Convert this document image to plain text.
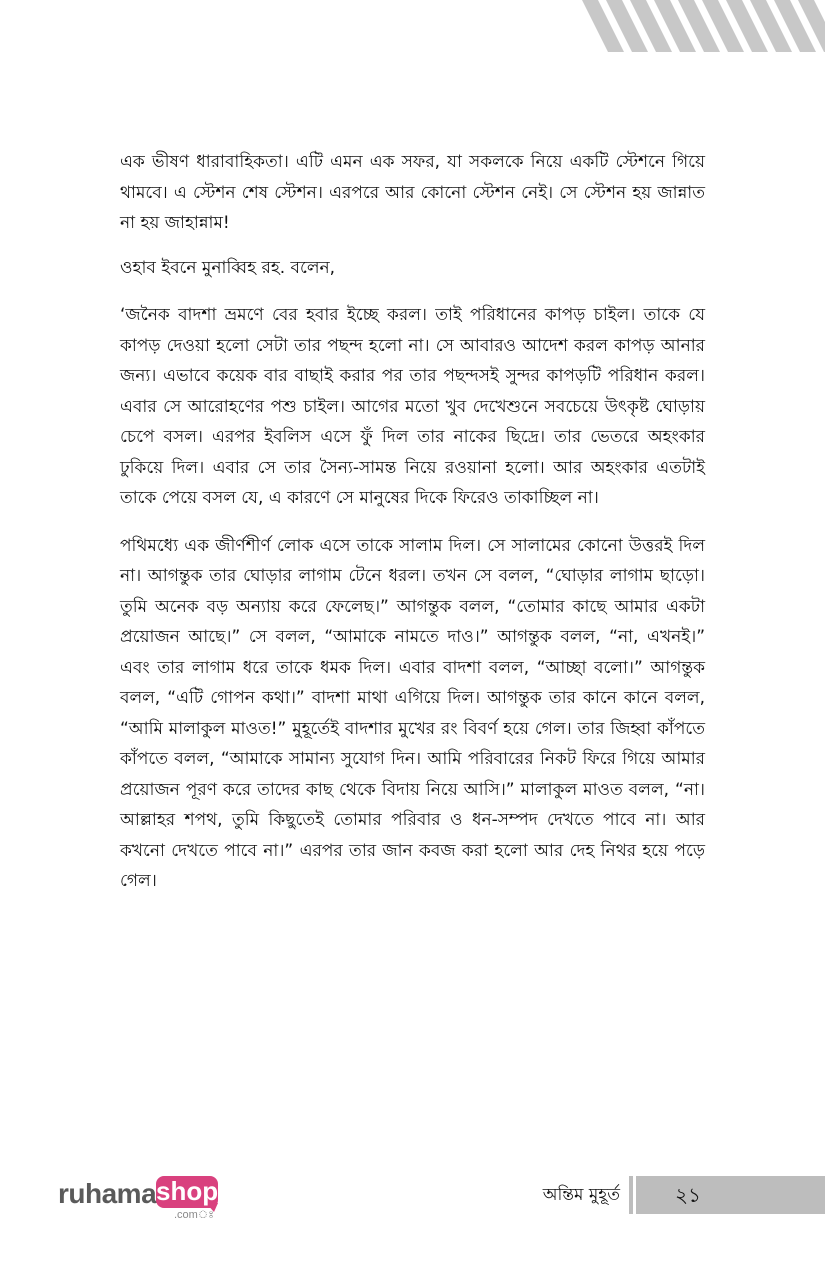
এক ভীষণ ধারাবাহিকতা। এটি এমন এক সফর, যা সকলকে নিয়ে একটি স্টেশনে গিয়ে থামবে। এ স্টেশন শেষ স্টেশন। এরপরে আর কোনো স্টেশন নেই। সে স্টেশন হয় জান্নাত না হয় জাহান্নাম!

ওহাব ইবনে মুনাব্বিহ রহ. বলেন,

‘জনৈক বাদশা ভ্রমণে বের হবার ইচ্ছে করল। তাই পরিধানের কাপড় চাইল। তাকে যে কাপড় দেওয়া হলো সেটা তার পছন্দ হলো না। সে আবারও আদেশ করল কাপড় আনার জন্য। এভাবে কয়েক বার বাছাই করার পর তার পছন্দসই সুন্দর কাপড়টি পরিধান করল। এবার সে আরোহণের পশু চাইল। আগের মতো খুব দেখেশুনে সবচেয়ে উৎকৃষ্ট ঘোড়ায় চেপে বসল। এরপর ইবলিস এসে ফুঁ দিল তার নাকের ছিদ্রে। তার ভেতরে অহংকার ঢুকিয়ে দিল। এবার সে তার সৈন্য-সামন্ত নিয়ে রওয়ানা হলো। আর অহংকার এতটাই তাকে পেয়ে বসল যে, এ কারণে সে মানুষের দিকে ফিরেও তাকাচ্ছিল না।

পথিমধ্যে এক জীর্ণশীর্ণ লোক এসে তাকে সালাম দিল। সে সালামের কোনো উত্তরই দিল না। আগন্তুক তার ঘোড়ার লাগাম টেনে ধরল। তখন সে বলল, “ঘোড়ার লাগাম ছাড়ো। তুমি অনেক বড় অন্যায় করে ফেলেছ।” আগন্তুক বলল, “তোমার কাছে আমার একটা প্রয়োজন আছে।” সে বলল, “আমাকে নামতে দাও।” আগন্তুক বলল, “না, এখনই।” এবং তার লাগাম ধরে তাকে ধমক দিল। এবার বাদশা বলল, “আচ্ছা বলো।” আগন্তুক বলল, “এটি গোপন কথা।” বাদশা মাথা এগিয়ে দিল। আগন্তুক তার কানে কানে বলল, “আমি মালাকুল মাওত!” মুহূর্তেই বাদশার মুখের রং বিবর্ণ হয়ে গেল। তার জিহ্বা কাঁপতে কাঁপতে বলল, “আমাকে সামান্য সুযোগ দিন। আমি পরিবারের নিকট ফিরে গিয়ে আমার প্রয়োজন পূরণ করে তাদের কাছ থেকে বিদায় নিয়ে আসি।” মালাকুল মাওত বলল, “না। আল্লাহর শপথ, তুমি কিছুতেই তোমার পরিবার ও ধন-সম্পদ দেখতে পাবে না। আর কখনো দেখতে পাবে না।” এরপর তার জান কবজ করা হলো আর দেহ নিথর হয়ে পড়ে গেল।

ruhama shop
.comঃ
অন্তিম মুহূর্ত	২১
